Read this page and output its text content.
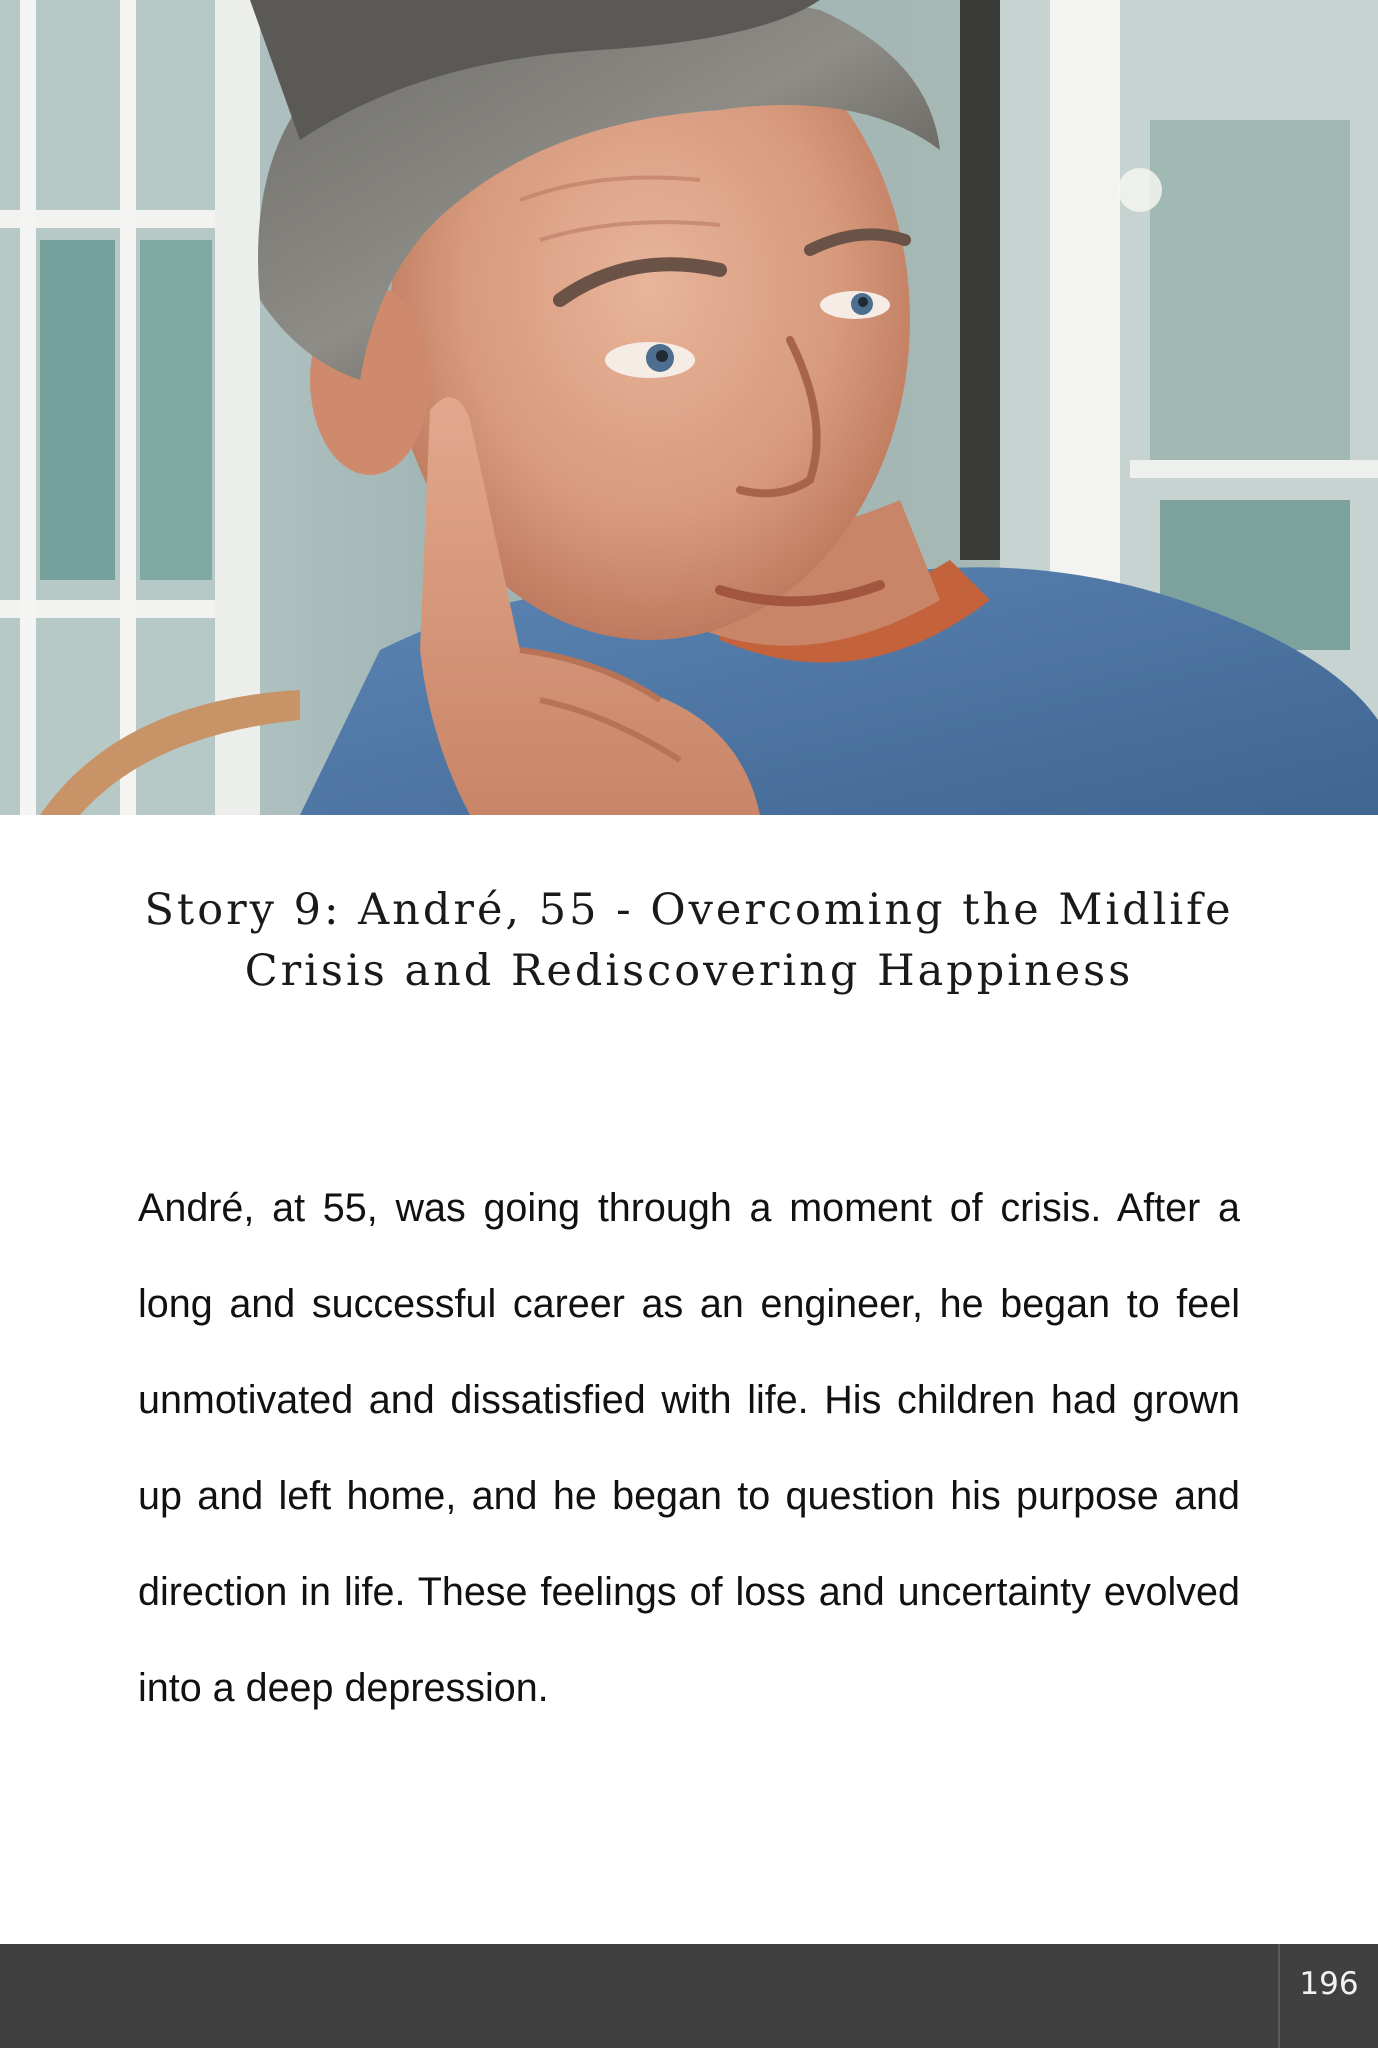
Story 9: André, 55 - Overcoming the Midlife Crisis and Rediscovering Happiness

André, at 55, was going through a moment of crisis. After a long and successful career as an engineer, he began to feel unmotivated and dissatisfied with life. His children had grown up and left home, and he began to question his purpose and direction in life. These feelings of loss and uncertainty evolved into a deep depression.

196
